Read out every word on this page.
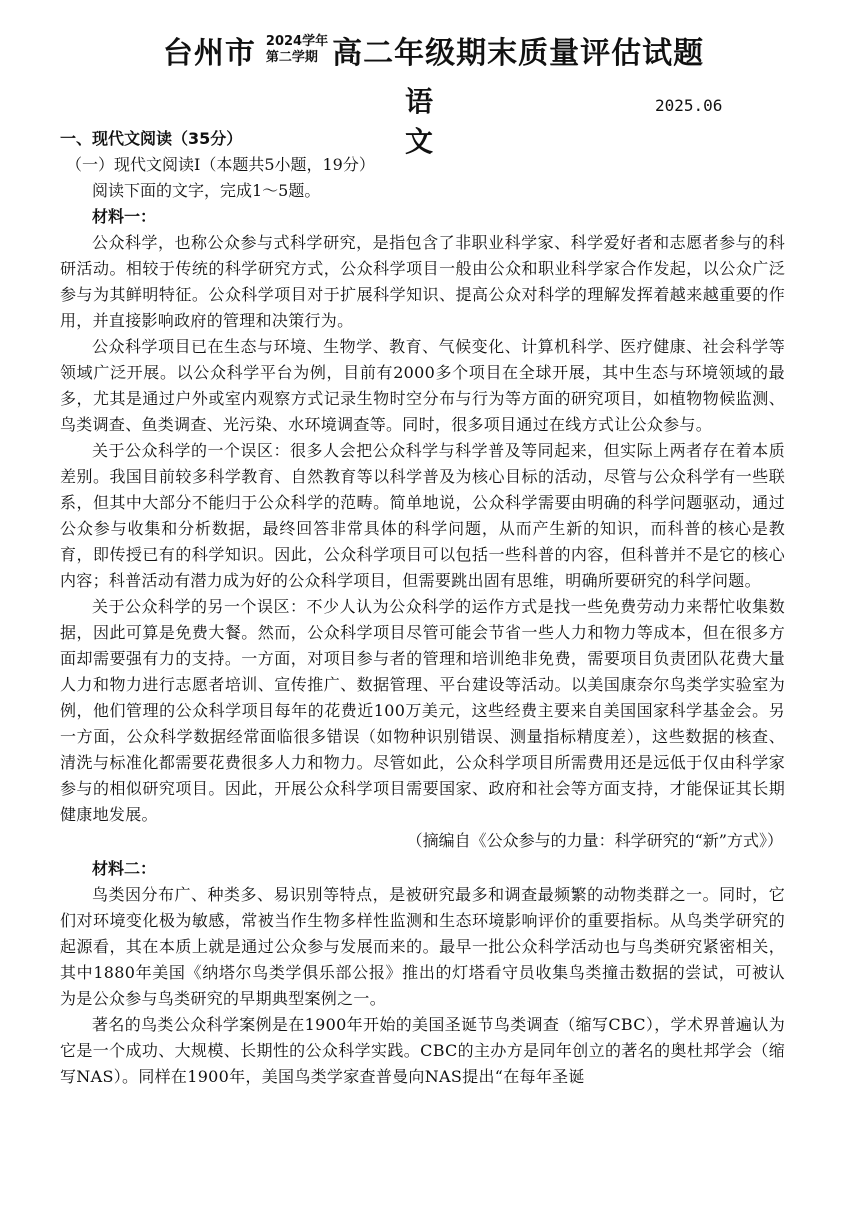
台州市 2024学年
第二学期 高二年级期末质量评估试题
语文
2025.06
一、现代文阅读（35分）
（一）现代文阅读Ⅰ（本题共5小题，19分）
阅读下面的文字，完成1～5题。
材料一：

公众科学，也称公众参与式科学研究，是指包含了非职业科学家、科学爱好者和志愿者参与的科研活动。相较于传统的科学研究方式，公众科学项目一般由公众和职业科学家合作发起，以公众广泛参与为其鲜明特征。公众科学项目对于扩展科学知识、提高公众对科学的理解发挥着越来越重要的作用，并直接影响政府的管理和决策行为。

公众科学项目已在生态与环境、生物学、教育、气候变化、计算机科学、医疗健康、社会科学等领域广泛开展。以公众科学平台为例，目前有2000多个项目在全球开展，其中生态与环境领域的最多，尤其是通过户外或室内观察方式记录生物时空分布与行为等方面的研究项目，如植物物候监测、鸟类调查、鱼类调查、光污染、水环境调查等。同时，很多项目通过在线方式让公众参与。

关于公众科学的一个误区：很多人会把公众科学与科学普及等同起来，但实际上两者存在着本质差别。我国目前较多科学教育、自然教育等以科学普及为核心目标的活动，尽管与公众科学有一些联系，但其中大部分不能归于公众科学的范畴。简单地说，公众科学需要由明确的科学问题驱动，通过公众参与收集和分析数据，最终回答非常具体的科学问题，从而产生新的知识，而科普的核心是教育，即传授已有的科学知识。因此，公众科学项目可以包括一些科普的内容，但科普并不是它的核心内容；科普活动有潜力成为好的公众科学项目，但需要跳出固有思维，明确所要研究的科学问题。

关于公众科学的另一个误区：不少人认为公众科学的运作方式是找一些免费劳动力来帮忙收集数据，因此可算是免费大餐。然而，公众科学项目尽管可能会节省一些人力和物力等成本，但在很多方面却需要强有力的支持。一方面，对项目参与者的管理和培训绝非免费，需要项目负责团队花费大量人力和物力进行志愿者培训、宣传推广、数据管理、平台建设等活动。以美国康奈尔鸟类学实验室为例，他们管理的公众科学项目每年的花费近100万美元，这些经费主要来自美国国家科学基金会。另一方面，公众科学数据经常面临很多错误（如物种识别错误、测量指标精度差），这些数据的核查、清洗与标准化都需要花费很多人力和物力。尽管如此，公众科学项目所需费用还是远低于仅由科学家参与的相似研究项目。因此，开展公众科学项目需要国家、政府和社会等方面支持，才能保证其长期健康地发展。

（摘编自《公众参与的力量：科学研究的“新”方式》）
材料二：

鸟类因分布广、种类多、易识别等特点，是被研究最多和调查最频繁的动物类群之一。同时，它们对环境变化极为敏感，常被当作生物多样性监测和生态环境影响评价的重要指标。从鸟类学研究的起源看，其在本质上就是通过公众参与发展而来的。最早一批公众科学活动也与鸟类研究紧密相关，其中1880年美国《纳塔尔鸟类学俱乐部公报》推出的灯塔看守员收集鸟类撞击数据的尝试，可被认为是公众参与鸟类研究的早期典型案例之一。

著名的鸟类公众科学案例是在1900年开始的美国圣诞节鸟类调查（缩写CBC），学术界普遍认为它是一个成功、大规模、长期性的公众科学实践。CBC的主办方是同年创立的著名的奥杜邦学会（缩写NAS）。同样在1900年，美国鸟类学家查普曼向NAS提出“在每年圣诞
